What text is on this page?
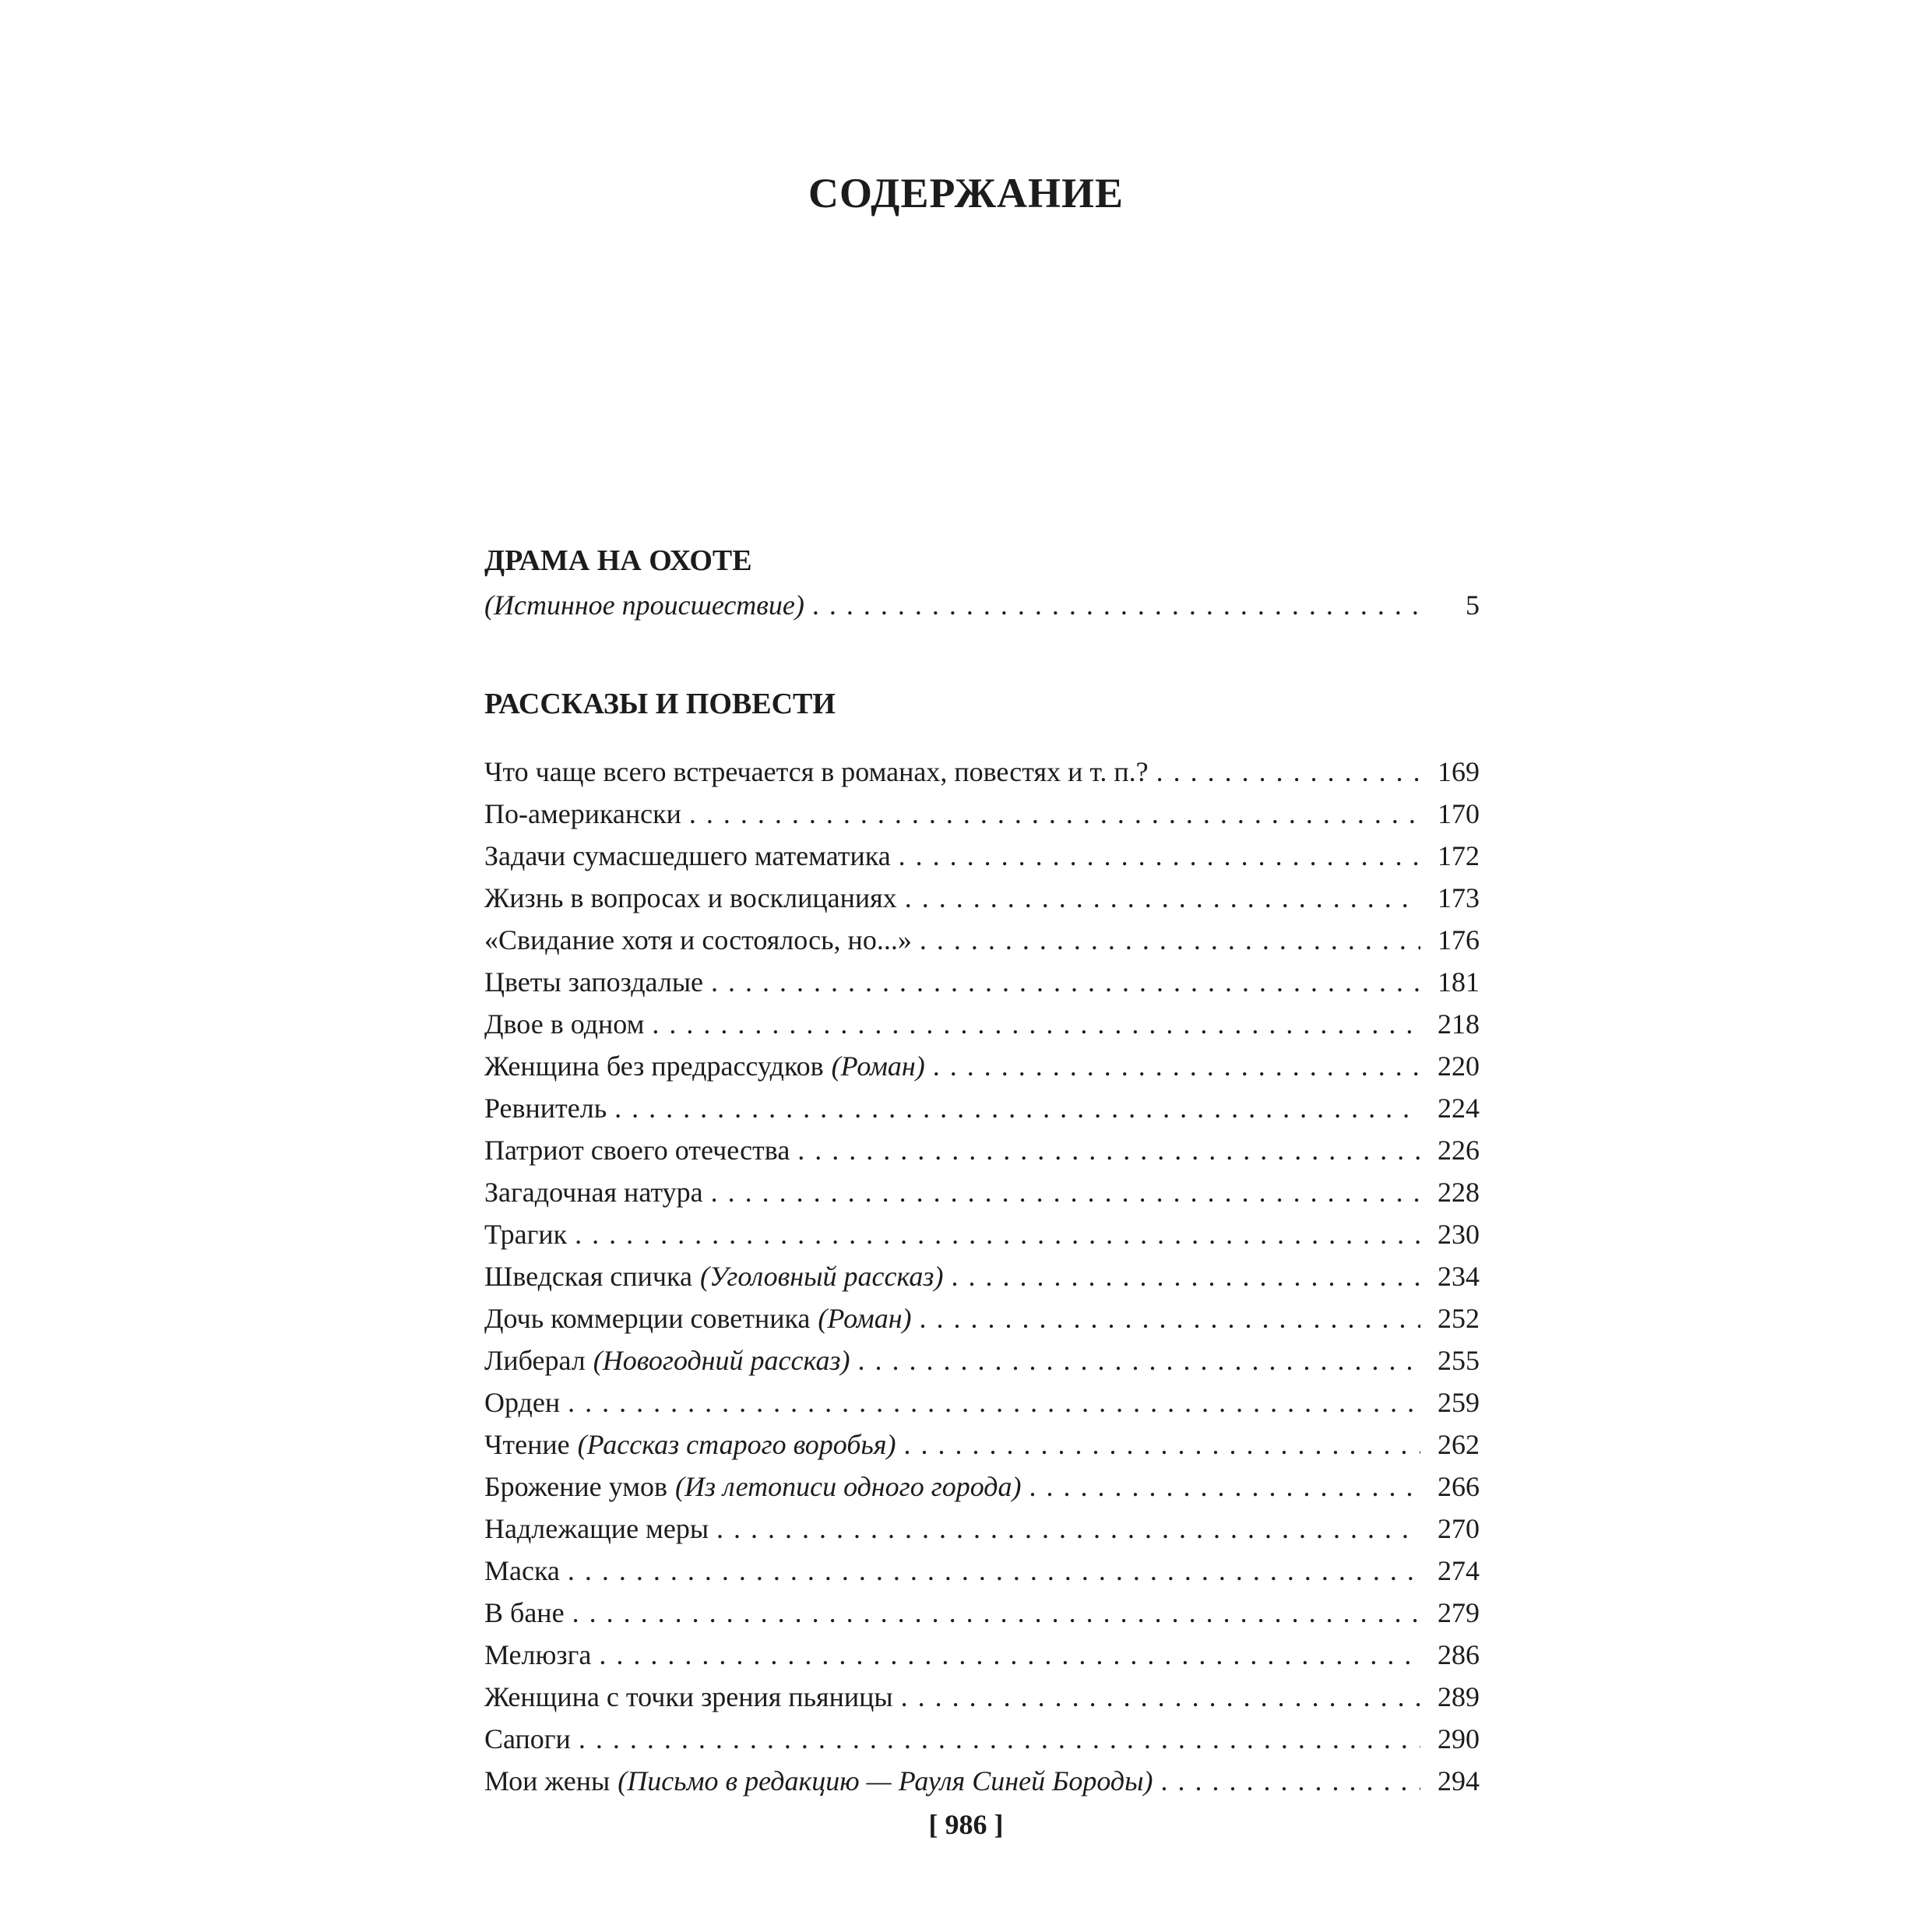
СОДЕРЖАНИЕ
ДРАМА НА ОХОТЕ
(Истинное происшествие) . . .	5
РАССКАЗЫ И ПОВЕСТИ
Что чаще всего встречается в романах, повестях и т. п.? . . .	169
По-американски . . .	170
Задачи сумасшедшего математика . . .	172
Жизнь в вопросах и восклицаниях . . .	173
«Свидание хотя и состоялось, но...» . . .	176
Цветы запоздалые . . .	181
Двое в одном . . .	218
Женщина без предрассудков (Роман) . . .	220
Ревнитель . . .	224
Патриот своего отечества . . .	226
Загадочная натура . . .	228
Трагик . . .	230
Шведская спичка (Уголовный рассказ) . . .	234
Дочь коммерции советника (Роман) . . .	252
Либерал (Новогодний рассказ) . . .	255
Орден . . .	259
Чтение (Рассказ старого воробья) . . .	262
Брожение умов (Из летописи одного города) . . .	266
Надлежащие меры . . .	270
Маска . . .	274
В бане . . .	279
Мелюзга . . .	286
Женщина с точки зрения пьяницы . . .	289
Сапоги . . .	290
Мои жены (Письмо в редакцию — Рауля Синей Бороды) . . .	294
[ 986 ]
